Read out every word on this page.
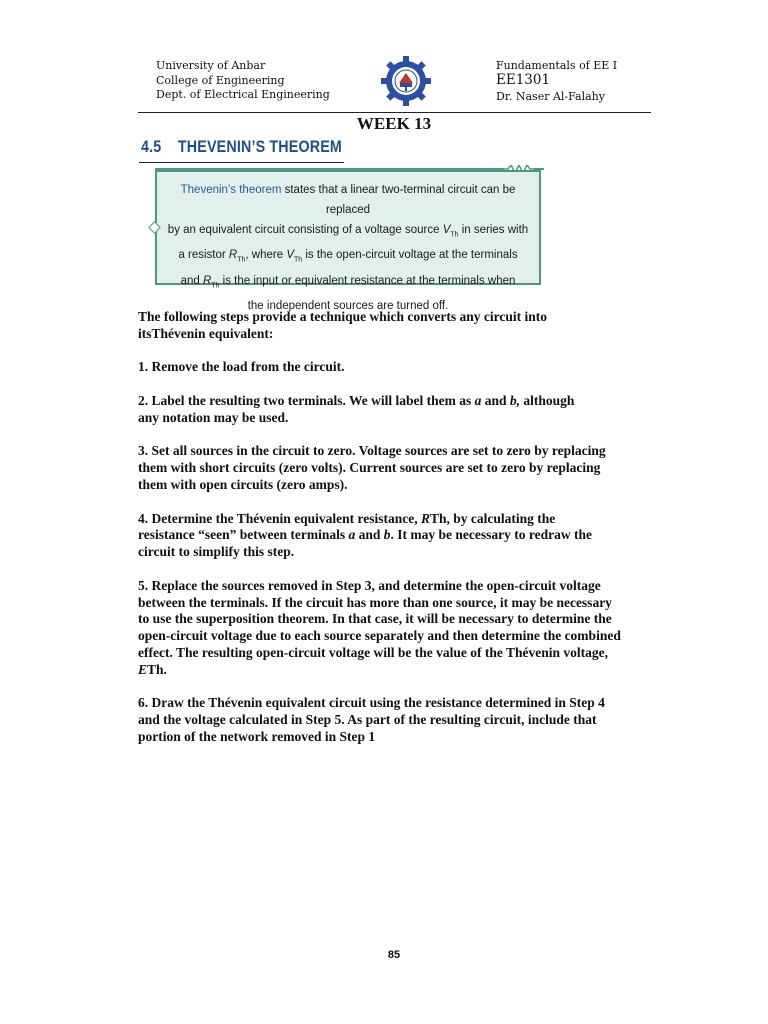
University of Anbar
College of Engineering
Dept. of Electrical Engineering
Fundamentals of EE I
EE1301
Dr. Naser Al-Falahy
WEEK 13
4.5 THEVENIN’S THEOREM
Thevenin’s theorem states that a linear two-terminal circuit can be replaced
by an equivalent circuit consisting of a voltage source $V_{Th}$ in series with
a resistor $R_{Th}$, where $V_{Th}$ is the open-circuit voltage at the terminals
and $R_{Th}$ is the input or equivalent resistance at the terminals when
the independent sources are turned off.

The following steps provide a technique which converts any circuit into
itsThévenin equivalent:

1. Remove the load from the circuit.

2. Label the resulting two terminals. We will label them as a and b, although
any notation may be used.

3. Set all sources in the circuit to zero. Voltage sources are set to zero by replacing
them with short circuits (zero volts). Current sources are set to zero by replacing
them with open circuits (zero amps).

4. Determine the Thévenin equivalent resistance, RTh, by calculating the
resistance “seen” between terminals a and b. It may be necessary to redraw the
circuit to simplify this step.

5. Replace the sources removed in Step 3, and determine the open-circuit voltage
between the terminals. If the circuit has more than one source, it may be necessary
to use the superposition theorem. In that case, it will be necessary to determine the
open-circuit voltage due to each source separately and then determine the combined
effect. The resulting open-circuit voltage will be the value of the Thévenin voltage,
ETh.

6. Draw the Thévenin equivalent circuit using the resistance determined in Step 4
and the voltage calculated in Step 5. As part of the resulting circuit, include that
portion of the network removed in Step 1

85
